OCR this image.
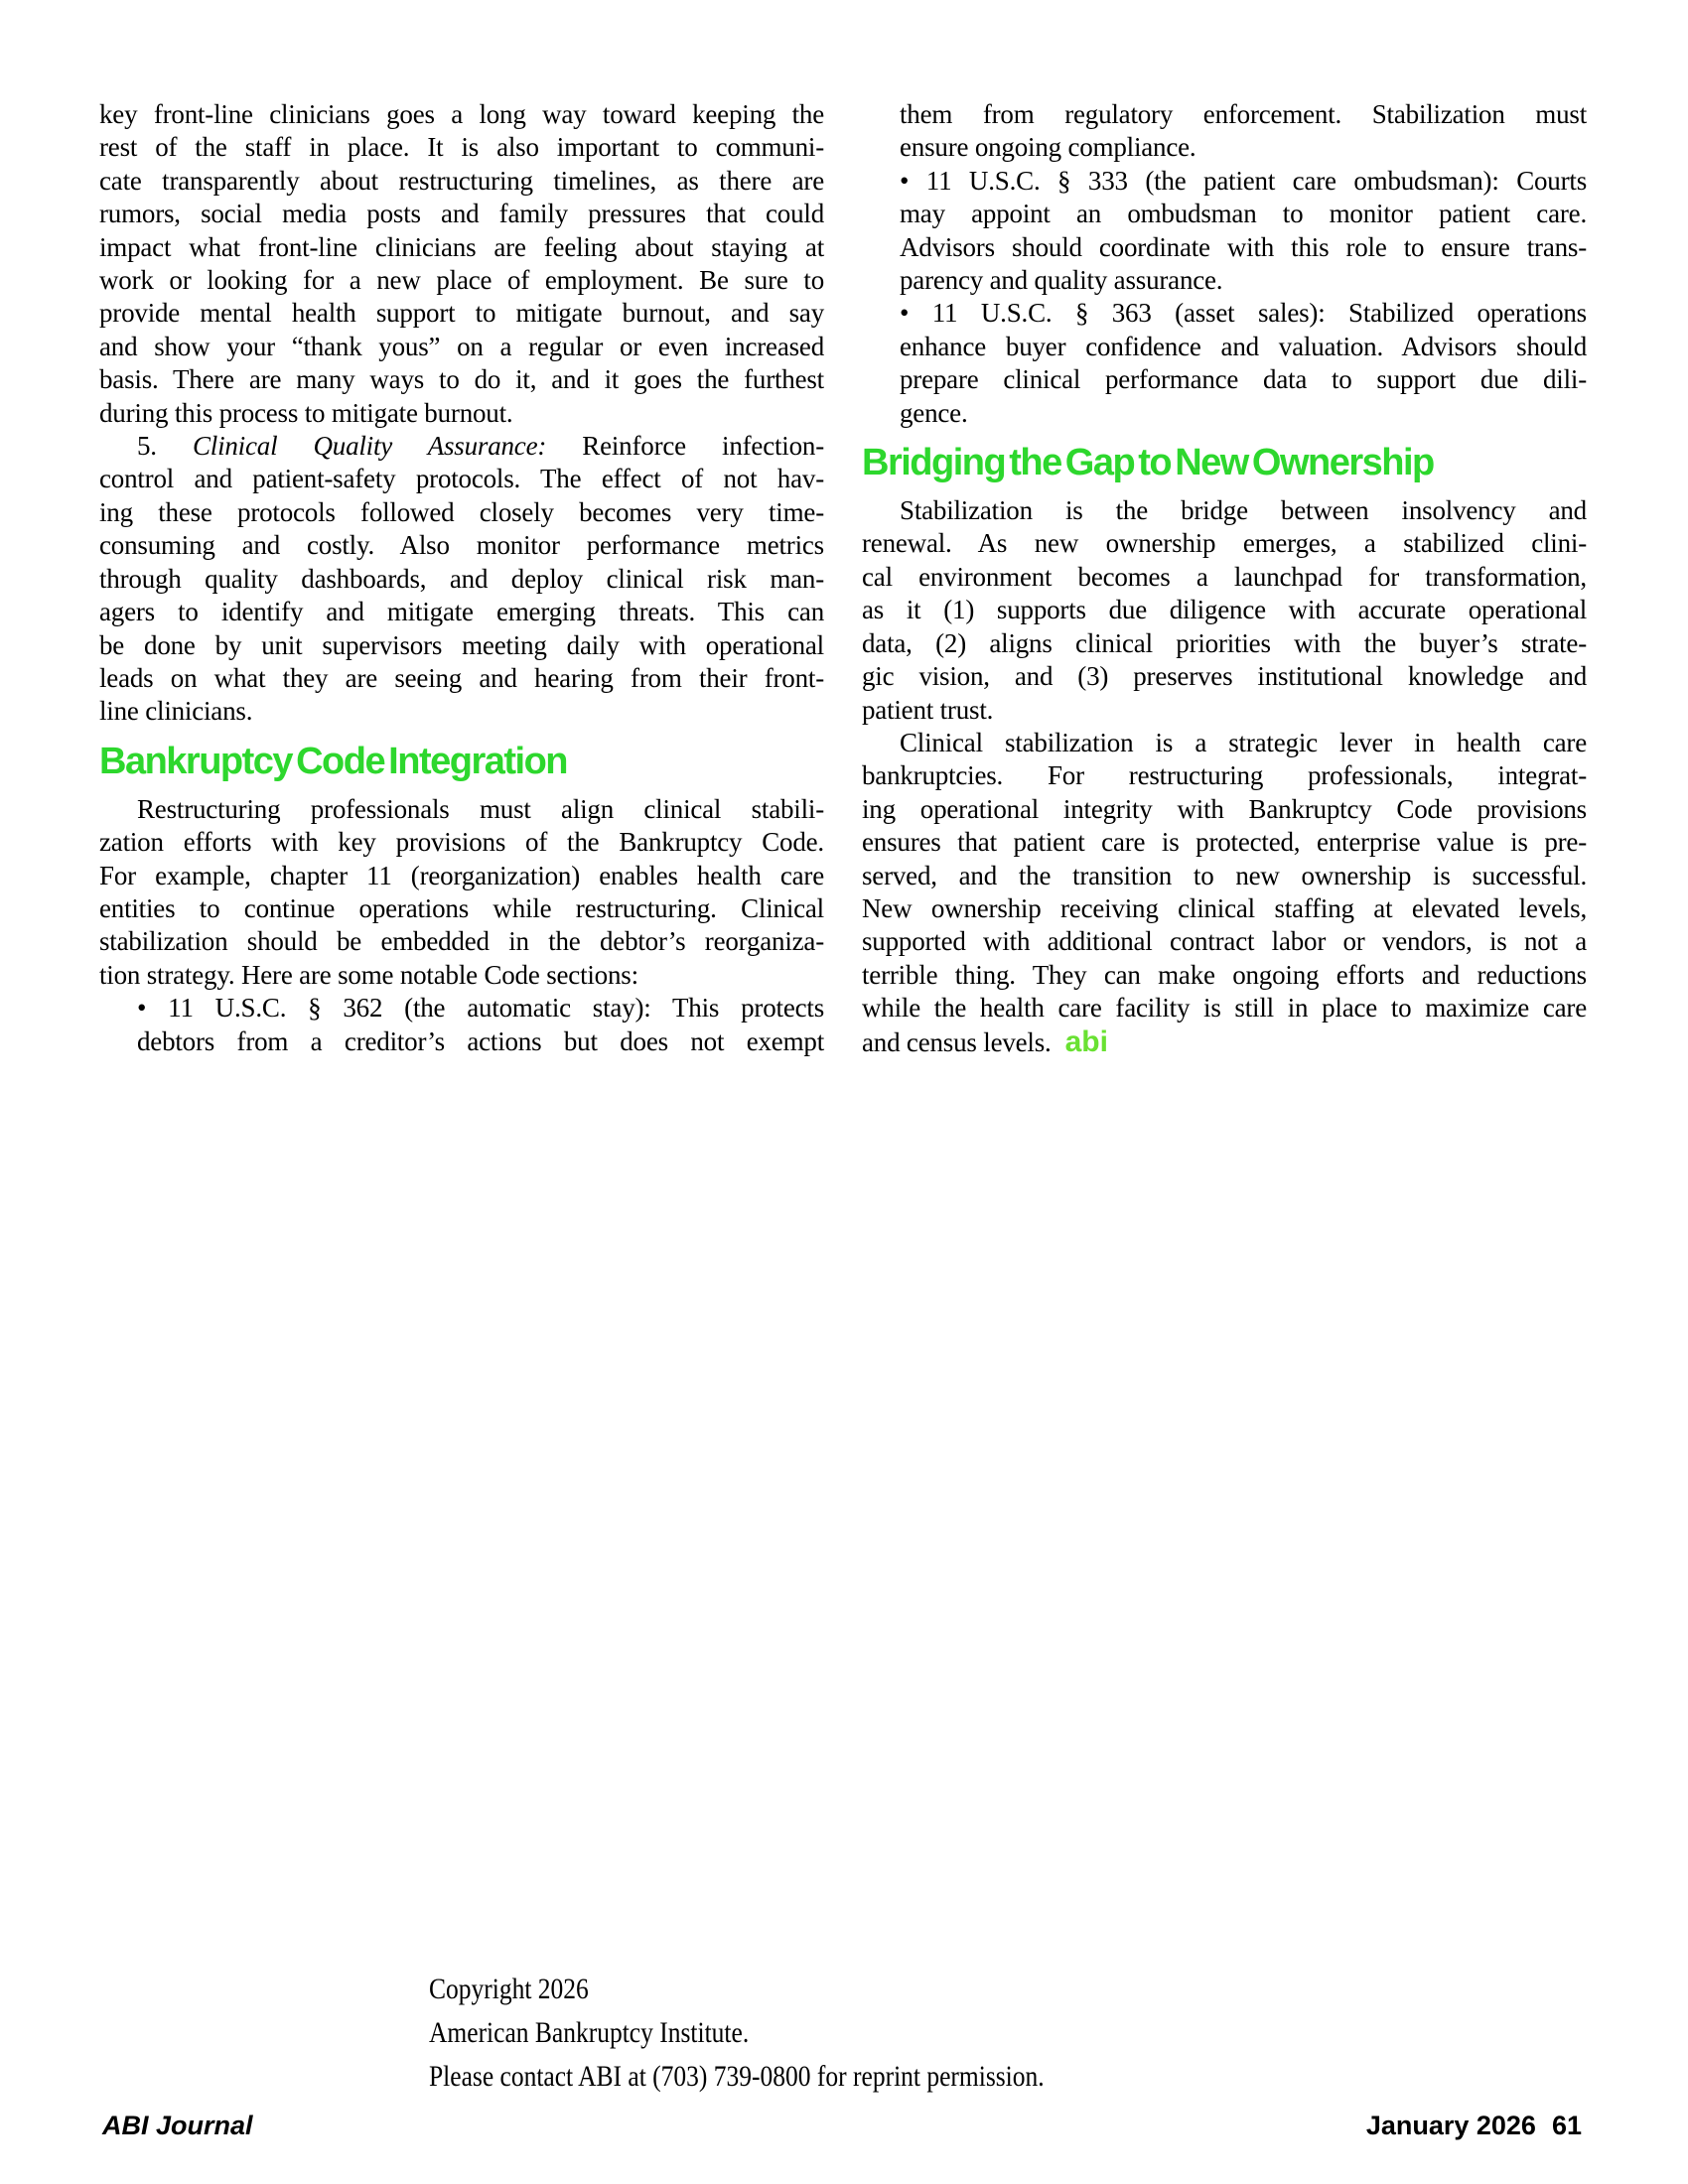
key front-line clinicians goes a long way toward keeping the
rest of the staff in place. It is also important to communi-
cate transparently about restructuring timelines, as there are
rumors, social media posts and family pressures that could
impact what front-line clinicians are feeling about staying at
work or looking for a new place of employment. Be sure to
provide mental health support to mitigate burnout, and say
and show your “thank yous” on a regular or even increased
basis. There are many ways to do it, and it goes the furthest
during this process to mitigate burnout.
5. Clinical Quality Assurance: Reinforce infection-
control and patient-safety protocols. The effect of not hav-
ing these protocols followed closely becomes very time-
consuming and costly. Also monitor performance metrics
through quality dashboards, and deploy clinical risk man-
agers to identify and mitigate emerging threats. This can
be done by unit supervisors meeting daily with operational
leads on what they are seeing and hearing from their front-
line clinicians.
Bankruptcy Code Integration
Restructuring professionals must align clinical stabili-
zation efforts with key provisions of the Bankruptcy Code.
For example, chapter 11 (reorganization) enables health care
entities to continue operations while restructuring. Clinical
stabilization should be embedded in the debtor’s reorganiza-
tion strategy. Here are some notable Code sections:
• 11 U.S.C. § 362 (the automatic stay): This protects
debtors from a creditor’s actions but does not exempt
them from regulatory enforcement. Stabilization must
ensure ongoing compliance.
• 11 U.S.C. § 333 (the patient care ombudsman): Courts
may appoint an ombudsman to monitor patient care.
Advisors should coordinate with this role to ensure trans-
parency and quality assurance.
• 11 U.S.C. § 363 (asset sales): Stabilized operations
enhance buyer confidence and valuation. Advisors should
prepare clinical performance data to support due dili-
gence.
Bridging the Gap to New Ownership
Stabilization is the bridge between insolvency and
renewal. As new ownership emerges, a stabilized clini-
cal environment becomes a launchpad for transformation,
as it (1) supports due diligence with accurate operational
data, (2) aligns clinical priorities with the buyer’s strate-
gic vision, and (3) preserves institutional knowledge and
patient trust.
Clinical stabilization is a strategic lever in health care
bankruptcies. For restructuring professionals, integrat-
ing operational integrity with Bankruptcy Code provisions
ensures that patient care is protected, enterprise value is pre-
served, and the transition to new ownership is successful.
New ownership receiving clinical staffing at elevated levels,
supported with additional contract labor or vendors, is not a
terrible thing. They can make ongoing efforts and reductions
while the health care facility is still in place to maximize care
and census levels. abi
Copyright 2026
American Bankruptcy Institute.
Please contact ABI at (703) 739-0800 for reprint permission.
ABI Journal	January 2026 61
